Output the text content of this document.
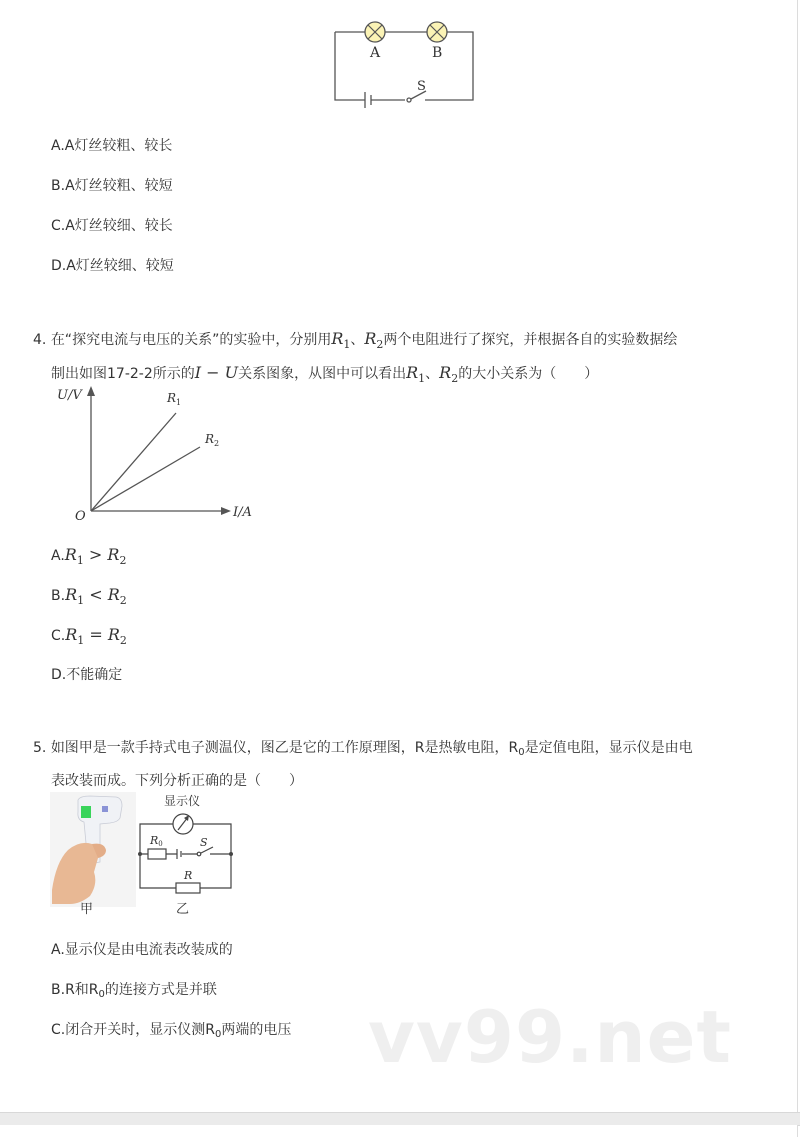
A	B
S
A.A灯丝较粗、较长
B.A灯丝较粗、较短
C.A灯丝较细、较长
D.A灯丝较细、较短
4. 在“探究电流与电压的关系”的实验中，分别用$R_1$、$R_2$两个电阻进行了探究，并根据各自的实验数据绘
制出如图17-2-2所示的I − U关系图象，从图中可以看出$R_1$、$R_2$的大小关系为（　　）
U/V
I/A
O
$R_1$
$R_2$
$A.R_1 > R_2$
$B.R_1 < R_2$
$C.R_1 = R_2$
D.不能确定
5. 如图甲是一款手持式电子测温仪，图乙是它的工作原理图，R是热敏电阻，$R_0$是定值电阻，显示仪是由电
表改装而成。下列分析正确的是（　　）
甲
显示仪
R0	S
R
乙
A.显示仪是由电流表改装成的
B.R和$R_0$的连接方式是并联
C.闭合开关时，显示仪测$R_0$两端的电压 vv99.net
